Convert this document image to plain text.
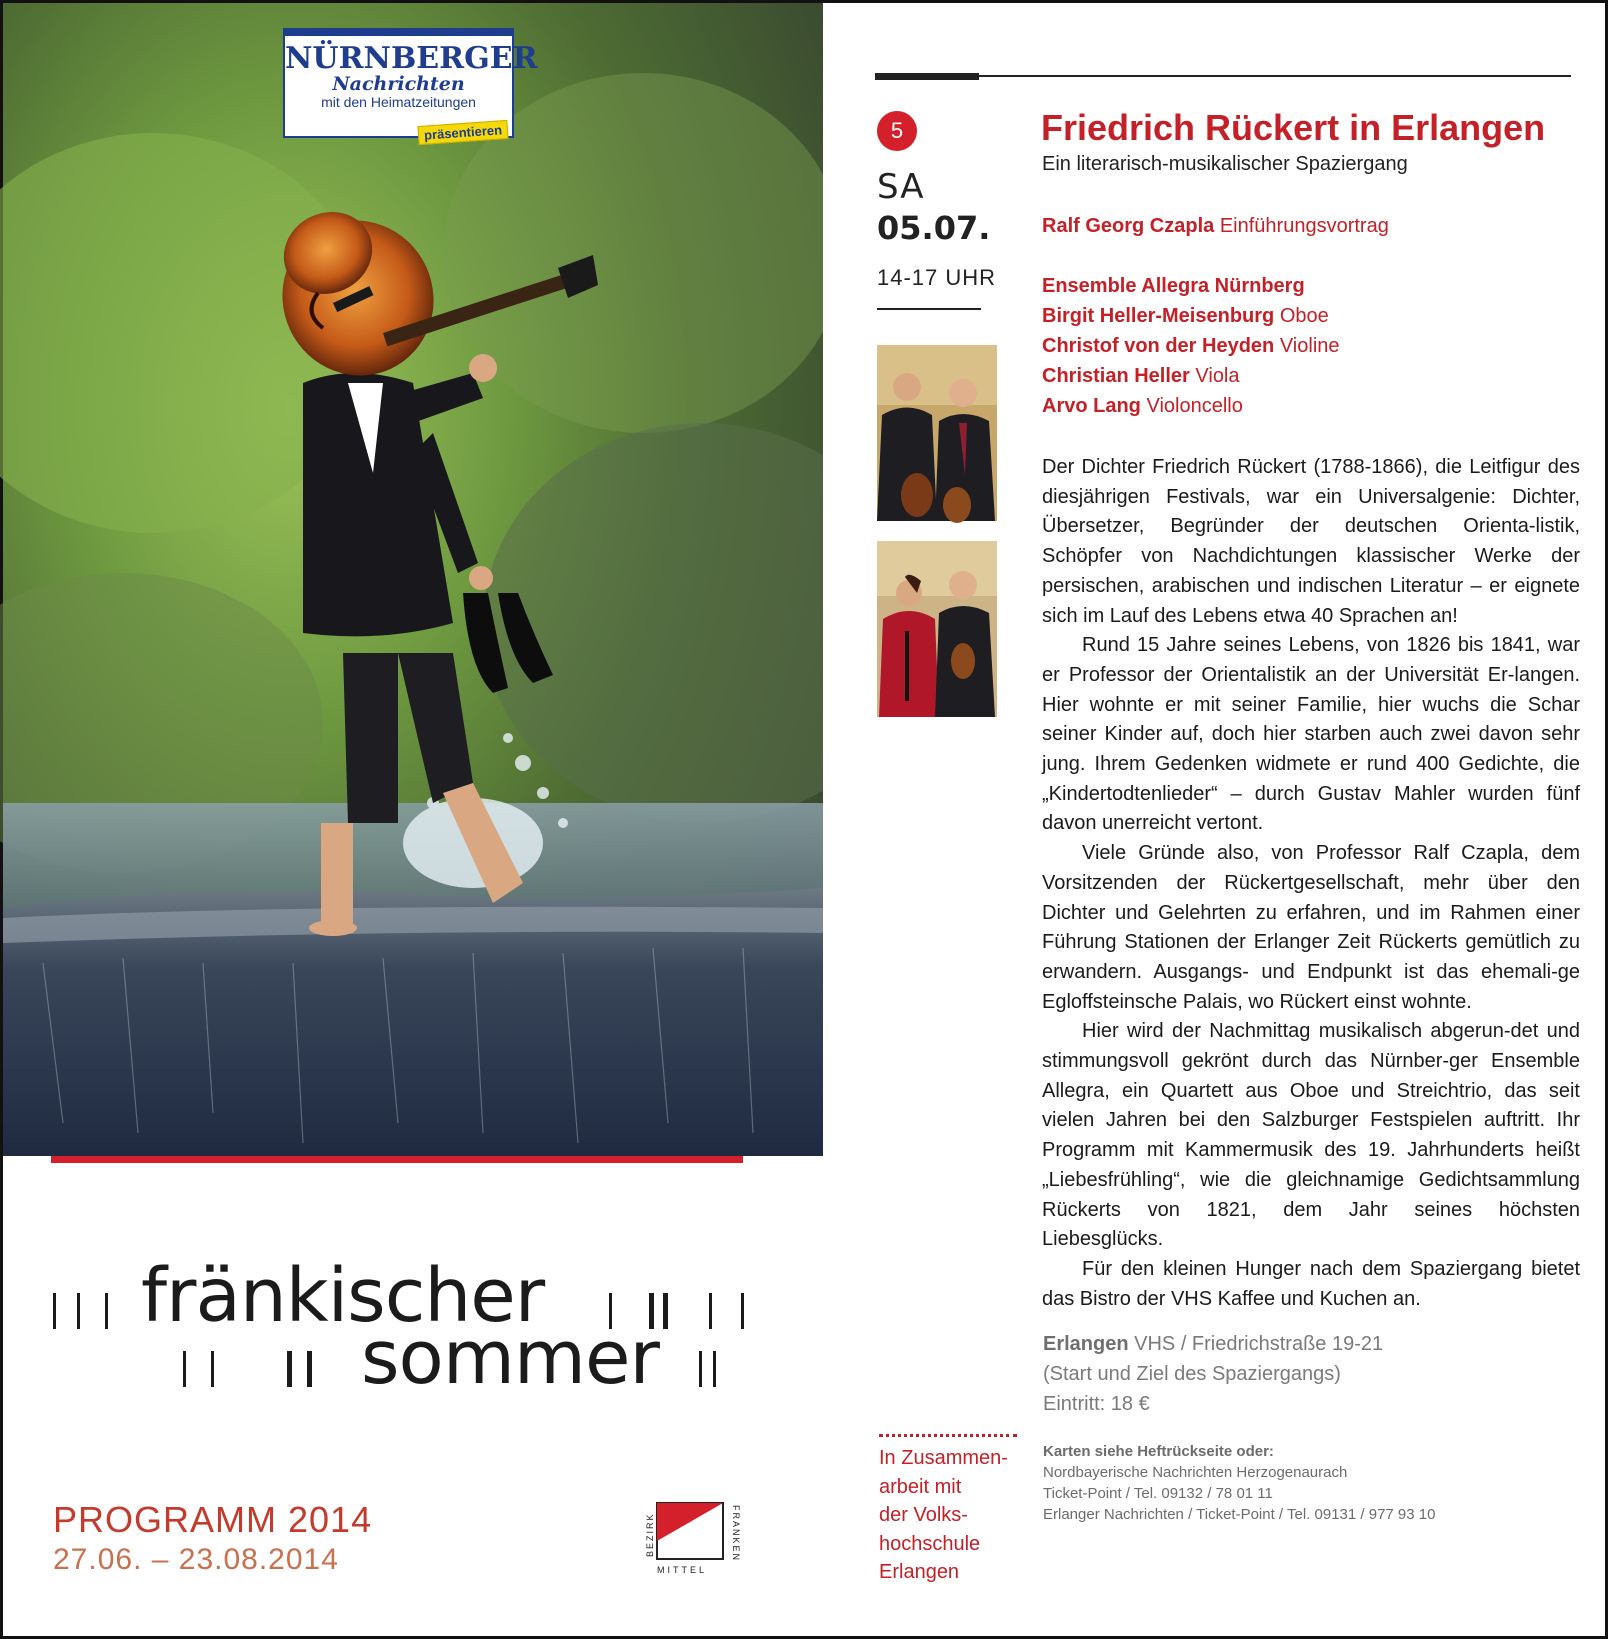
NÜRNBERGER
Nachrichten
mit den Heimatzeitungen
präsentieren
fränkischer
sommer
PROGRAMM 2014
27.06. – 23.08.2014
BEZIRK
MITTEL
FRANKEN
5
SA
05.07.
14-17 UHR
Friedrich Rückert in Erlangen
Ein literarisch-musikalischer Spaziergang
Ralf Georg Czapla Einführungsvortrag
Ensemble Allegra Nürnberg
Birgit Heller-Meisenburg Oboe
Christof von der Heyden Violine
Christian Heller Viola
Arvo Lang Violoncello

Der Dichter Friedrich Rückert (1788-1866), die Leitfigur des diesjährigen Festivals, war ein Universalgenie: Dichter, Übersetzer, Begründer der deutschen Orienta-listik, Schöpfer von Nachdichtungen klassischer Werke der persischen, arabischen und indischen Literatur – er eignete sich im Lauf des Lebens etwa 40 Sprachen an!

Rund 15 Jahre seines Lebens, von 1826 bis 1841, war er Professor der Orientalistik an der Universität Er-langen. Hier wohnte er mit seiner Familie, hier wuchs die Schar seiner Kinder auf, doch hier starben auch zwei davon sehr jung. Ihrem Gedenken widmete er rund 400 Gedichte, die „Kindertodtenlieder“ – durch Gustav Mahler wurden fünf davon unerreicht vertont.

Viele Gründe also, von Professor Ralf Czapla, dem Vorsitzenden der Rückertgesellschaft, mehr über den Dichter und Gelehrten zu erfahren, und im Rahmen einer Führung Stationen der Erlanger Zeit Rückerts gemütlich zu erwandern. Ausgangs- und Endpunkt ist das ehemali-ge Egloffsteinsche Palais, wo Rückert einst wohnte.

Hier wird der Nachmittag musikalisch abgerun-det und stimmungsvoll gekrönt durch das Nürnber-ger Ensemble Allegra, ein Quartett aus Oboe und Streichtrio, das seit vielen Jahren bei den Salzburger Festspielen auftritt. Ihr Programm mit Kammermusik des 19. Jahrhunderts heißt „Liebesfrühling“, wie die gleichnamige Gedichtsammlung Rückerts von 1821, dem Jahr seines höchsten Liebesglücks.

Für den kleinen Hunger nach dem Spaziergang bietet das Bistro der VHS Kaffee und Kuchen an.

Erlangen VHS / Friedrichstraße 19-21
(Start und Ziel des Spaziergangs)
Eintritt: 18 €
In Zusammen-
arbeit mit
der Volks-
hochschule
Erlangen
Karten siehe Heftrückseite oder:
Nordbayerische Nachrichten Herzogenaurach
Ticket-Point / Tel. 09132 / 78 01 11
Erlanger Nachrichten / Ticket-Point / Tel. 09131 / 977 93 10
